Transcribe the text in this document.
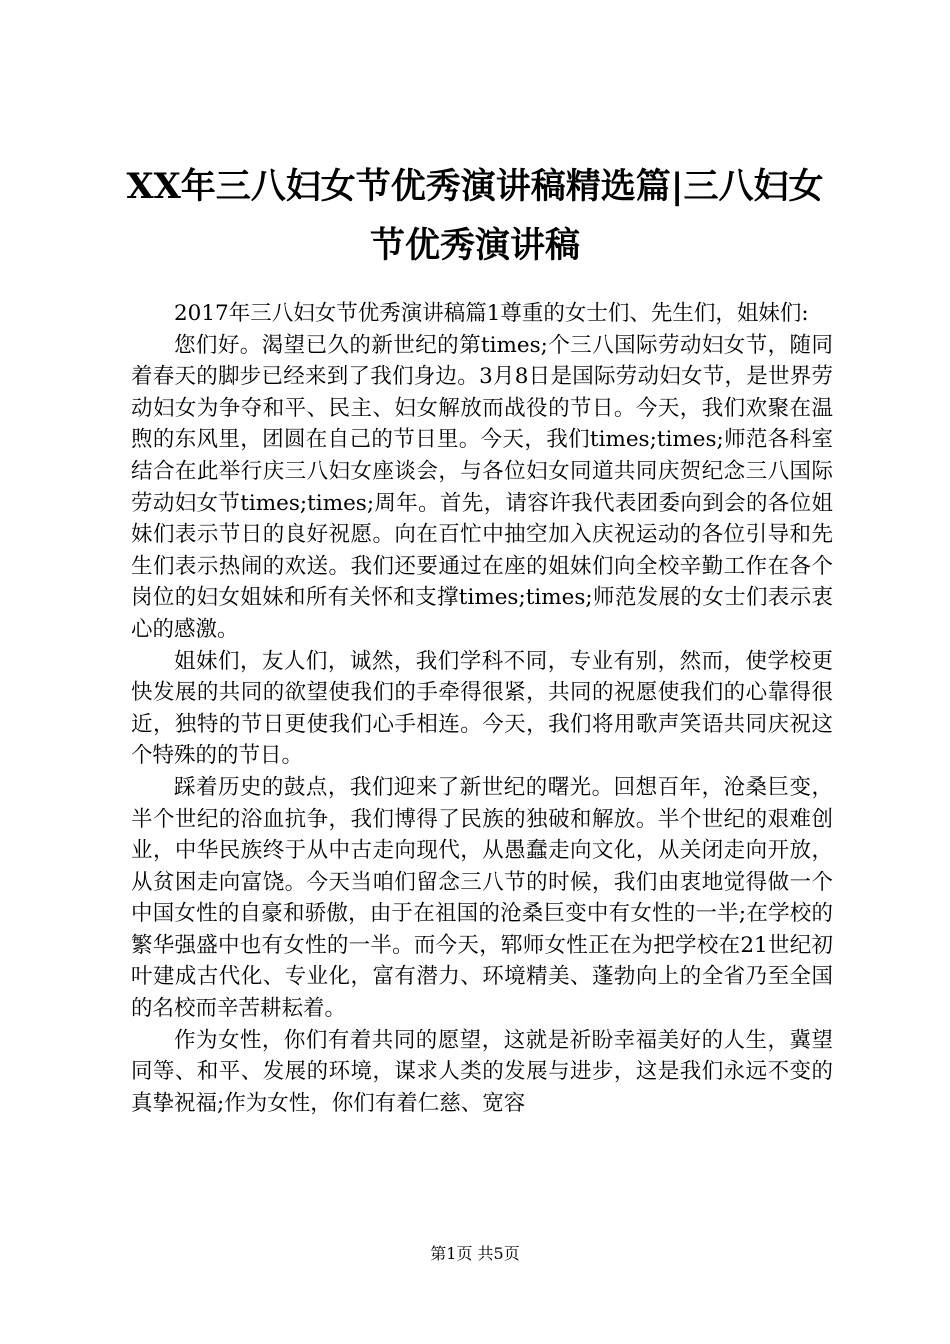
XX年三八妇女节优秀演讲稿精选篇|三八妇女
节优秀演讲稿

2017年三八妇女节优秀演讲稿篇1尊重的女士们、先生们，姐妹们:

您们好。渴望已久的新世纪的第times;个三八国际劳动妇女节，随同着春天的脚步已经来到了我们身边。3月8日是国际劳动妇女节，是世界劳动妇女为争夺和平、民主、妇女解放而战役的节日。今天，我们欢聚在温煦的东风里，团圆在自己的节日里。今天，我们times;times;师范各科室结合在此举行庆三八妇女座谈会，与各位妇女同道共同庆贺纪念三八国际劳动妇女节times;times;周年。首先，请容许我代表团委向到会的各位姐妹们表示节日的良好祝愿。向在百忙中抽空加入庆祝运动的各位引导和先生们表示热闹的欢送。我们还要通过在座的姐妹们向全校辛勤工作在各个岗位的妇女姐妹和所有关怀和支撑times;times;师范发展的女士们表示衷心的感激。

姐妹们，友人们，诚然，我们学科不同，专业有别，然而，使学校更快发展的共同的欲望使我们的手牵得很紧，共同的祝愿使我们的心靠得很近，独特的节日更使我们心手相连。今天，我们将用歌声笑语共同庆祝这个特殊的的节日。

踩着历史的鼓点，我们迎来了新世纪的曙光。回想百年，沧桑巨变，半个世纪的浴血抗争，我们博得了民族的独破和解放。半个世纪的艰难创业，中华民族终于从中古走向现代，从愚蠢走向文化，从关闭走向开放，从贫困走向富饶。今天当咱们留念三八节的时候，我们由衷地觉得做一个中国女性的自豪和骄傲，由于在祖国的沧桑巨变中有女性的一半;在学校的繁华强盛中也有女性的一半。而今天，郓师女性正在为把学校在21世纪初叶建成古代化、专业化，富有潜力、环境精美、蓬勃向上的全省乃至全国的名校而辛苦耕耘着。

作为女性，你们有着共同的愿望，这就是祈盼幸福美好的人生，冀望同等、和平、发展的环境，谋求人类的发展与进步，这是我们永远不变的真挚祝福;作为女性，你们有着仁慈、宽容

第1页 共5页
